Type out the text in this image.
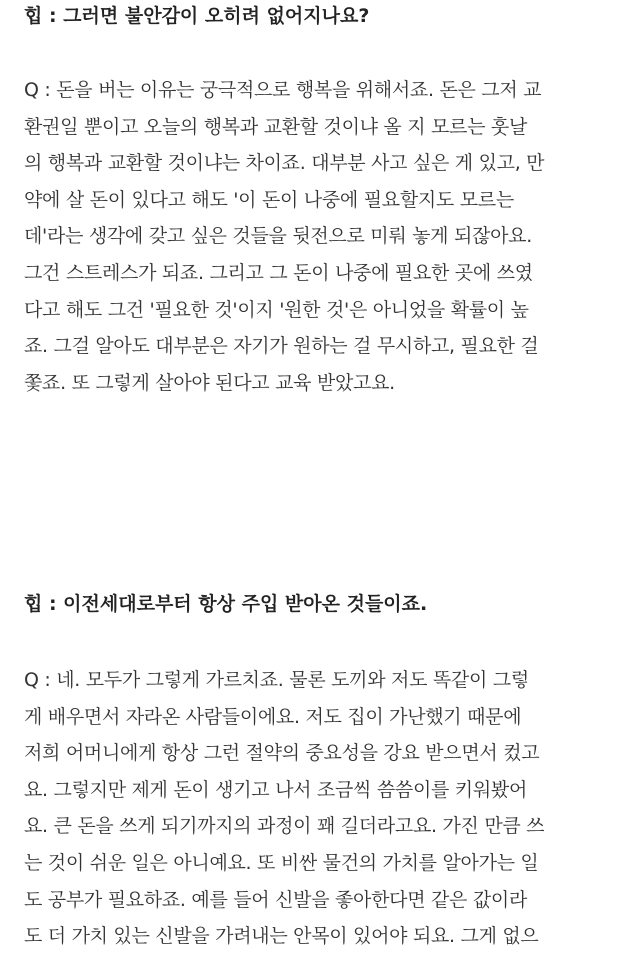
힙 : 그러면 불안감이 오히려 없어지나요?
Q : 돈을 버는 이유는 궁극적으로 행복을 위해서죠. 돈은 그저 교
환권일 뿐이고 오늘의 행복과 교환할 것이냐 올 지 모르는 훗날
의 행복과 교환할 것이냐는 차이죠. 대부분 사고 싶은 게 있고, 만
약에 살 돈이 있다고 해도 '이 돈이 나중에 필요할지도 모르는
데'라는 생각에 갖고 싶은 것들을 뒷전으로 미뤄 놓게 되잖아요.
그건 스트레스가 되죠. 그리고 그 돈이 나중에 필요한 곳에 쓰였
다고 해도 그건 '필요한 것'이지 '원한 것'은 아니었을 확률이 높
죠. 그걸 알아도 대부분은 자기가 원하는 걸 무시하고, 필요한 걸
쫓죠. 또 그렇게 살아야 된다고 교육 받았고요.
힙 : 이전세대로부터 항상 주입 받아온 것들이죠.
Q : 네. 모두가 그렇게 가르치죠. 물론 도끼와 저도 똑같이 그렇
게 배우면서 자라온 사람들이에요. 저도 집이 가난했기 때문에
저희 어머니에게 항상 그런 절약의 중요성을 강요 받으면서 컸고
요. 그렇지만 제게 돈이 생기고 나서 조금씩 씀씀이를 키워봤어
요. 큰 돈을 쓰게 되기까지의 과정이 꽤 길더라고요. 가진 만큼 쓰
는 것이 쉬운 일은 아니예요. 또 비싼 물건의 가치를 알아가는 일
도 공부가 필요하죠. 예를 들어 신발을 좋아한다면 같은 값이라
도 더 가치 있는 신발을 가려내는 안목이 있어야 되요. 그게 없으
